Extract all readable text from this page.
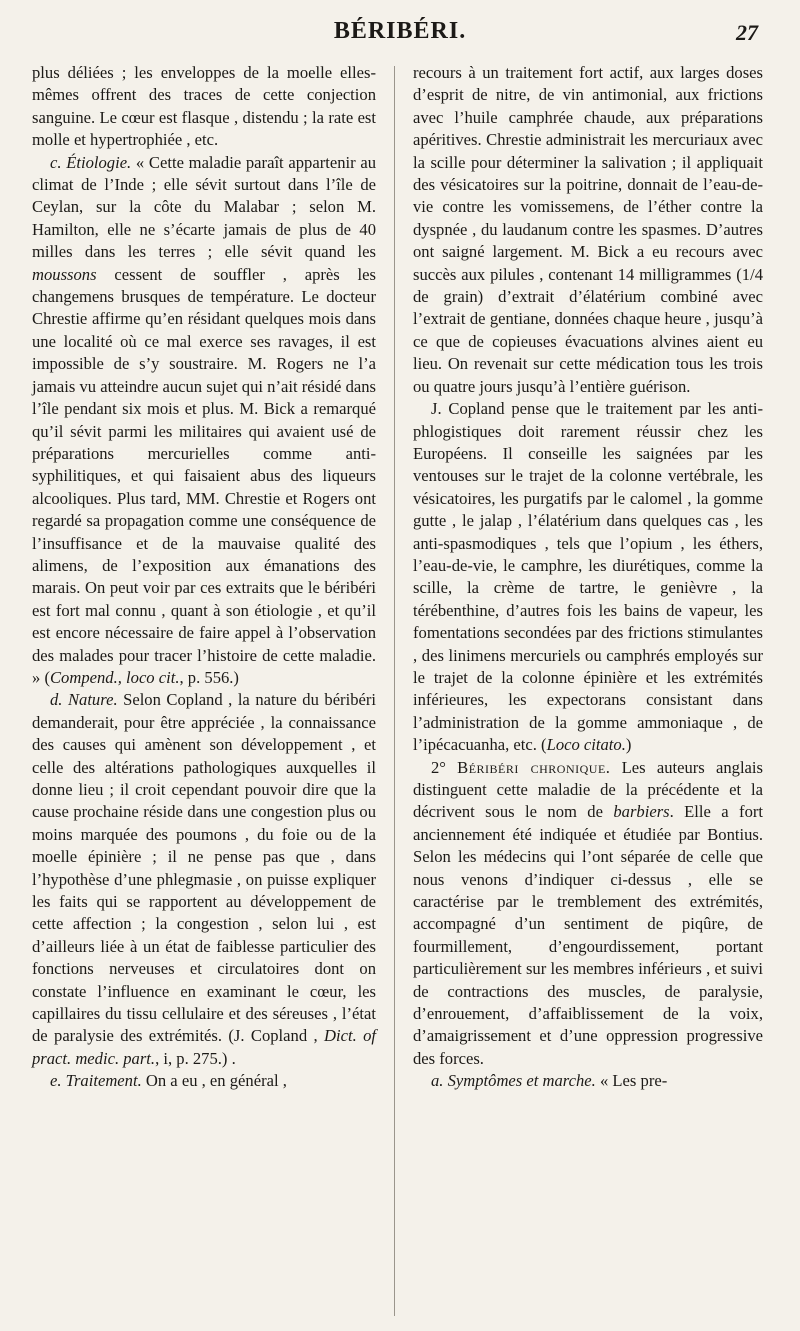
BÉRIBÉRI.	27

plus déliées ; les enveloppes de la moelle elles-mêmes offrent des traces de cette conjection sanguine. Le cœur est flasque , distendu ; la rate est molle et hypertrophiée , etc.

c. Étiologie. « Cette maladie paraît appartenir au climat de l’Inde ; elle sévit surtout dans l’île de Ceylan, sur la côte du Malabar ; selon M. Hamilton, elle ne s’écarte jamais de plus de 40 milles dans les terres ; elle sévit quand les moussons cessent de souffler , après les changemens brusques de température. Le docteur Chrestie affirme qu’en résidant quelques mois dans une localité où ce mal exerce ses ravages, il est impossible de s’y soustraire. M. Rogers ne l’a jamais vu atteindre aucun sujet qui n’ait résidé dans l’île pendant six mois et plus. M. Bick a remarqué qu’il sévit parmi les militaires qui avaient usé de préparations mercurielles comme anti-syphilitiques, et qui faisaient abus des liqueurs alcooliques. Plus tard, MM. Chrestie et Rogers ont regardé sa propagation comme une conséquence de l’insuffisance et de la mauvaise qualité des alimens, de l’exposition aux émanations des marais. On peut voir par ces extraits que le béribéri est fort mal connu , quant à son étiologie , et qu’il est encore nécessaire de faire appel à l’observation des malades pour tracer l’histoire de cette maladie. » (Compend., loco cit., p. 556.)

d. Nature. Selon Copland , la nature du béribéri demanderait, pour être appréciée , la connaissance des causes qui amènent son développement , et celle des altérations pathologiques auxquelles il donne lieu ; il croit cependant pouvoir dire que la cause prochaine réside dans une congestion plus ou moins marquée des poumons , du foie ou de la moelle épinière ; il ne pense pas que , dans l’hypothèse d’une phlegmasie , on puisse expliquer les faits qui se rapportent au développement de cette affection ; la congestion , selon lui , est d’ailleurs liée à un état de faiblesse particulier des fonctions nerveuses et circulatoires dont on constate l’influence en examinant le cœur, les capillaires du tissu cellulaire et des séreuses , l’état de paralysie des extrémités. (J. Copland , Dict. of pract. medic. part., i, p. 275.) .

e. Traitement. On a eu , en général ,

recours à un traitement fort actif, aux larges doses d’esprit de nitre, de vin antimonial, aux frictions avec l’huile camphrée chaude, aux préparations apéritives. Chrestie administrait les mercuriaux avec la scille pour déterminer la salivation ; il appliquait des vésicatoires sur la poitrine, donnait de l’eau-de-vie contre les vomissemens, de l’éther contre la dyspnée , du laudanum contre les spasmes. D’autres ont saigné largement. M. Bick a eu recours avec succès aux pilules , contenant 14 milligrammes (1/4 de grain) d’extrait d’élatérium combiné avec l’extrait de gentiane, données chaque heure , jusqu’à ce que de copieuses évacuations alvines aient eu lieu. On revenait sur cette médication tous les trois ou quatre jours jusqu’à l’entière guérison.

J. Copland pense que le traitement par les anti-phlogistiques doit rarement réussir chez les Européens. Il conseille les saignées par les ventouses sur le trajet de la colonne vertébrale, les vésicatoires, les purgatifs par le calomel , la gomme gutte , le jalap , l’élatérium dans quelques cas , les anti-spasmodiques , tels que l’opium , les éthers, l’eau-de-vie, le camphre, les diurétiques, comme la scille, la crème de tartre, le genièvre , la térébenthine, d’autres fois les bains de vapeur, les fomentations secondées par des frictions stimulantes , des linimens mercuriels ou camphrés employés sur le trajet de la colonne épinière et les extrémités inférieures, les expectorans consistant dans l’administration de la gomme ammoniaque , de l’ipécacuanha, etc. (Loco citato.)

2° Béribéri chronique. Les auteurs anglais distinguent cette maladie de la précédente et la décrivent sous le nom de barbiers. Elle a fort anciennement été indiquée et étudiée par Bontius. Selon les médecins qui l’ont séparée de celle que nous venons d’indiquer ci-dessus , elle se caractérise par le tremblement des extrémités, accompagné d’un sentiment de piqûre, de fourmillement, d’engourdissement, portant particulièrement sur les membres inférieurs , et suivi de contractions des muscles, de paralysie, d’enrouement, d’affaiblissement de la voix, d’amaigrissement et d’une oppression progressive des forces.

a. Symptômes et marche. « Les pre-
